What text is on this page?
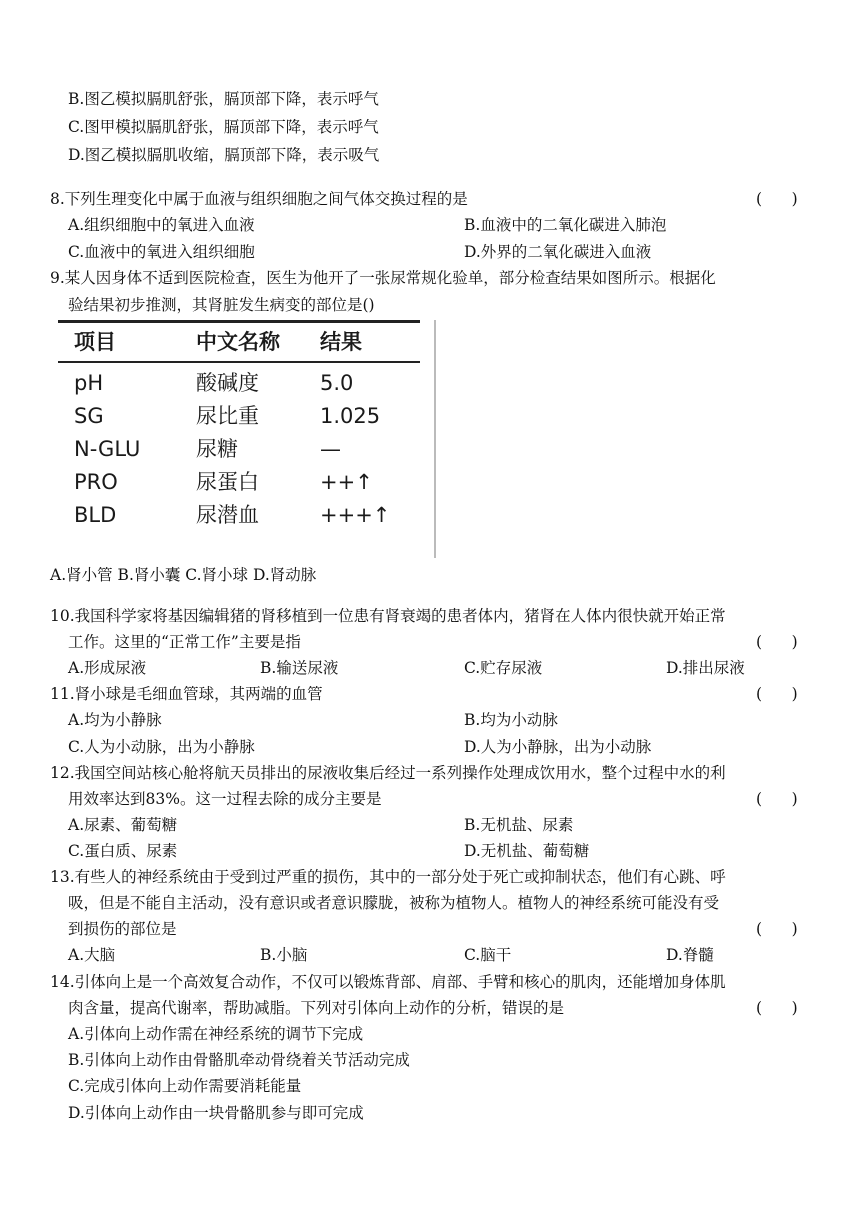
B.图乙模拟膈肌舒张，膈顶部下降，表示呼气
C.图甲模拟膈肌舒张，膈顶部下降，表示呼气
D.图乙模拟膈肌收缩，膈顶部下降，表示吸气
8.下列生理变化中属于血液与组织细胞之间气体交换过程的是	(      )
A.组织细胞中的氧进入血液	B.血液中的二氧化碳进入肺泡
C.血液中的氧进入组织细胞	D.外界的二氧化碳进入血液
9.某人因身体不适到医院检查，医生为他开了一张尿常规化验单，部分检查结果如图所示。根据化
验结果初步推测，其肾脏发生病变的部位是()
项目	中文名称 结果
pH	酸碱度	5.0
SG	尿比重	1.025
N-GLU	尿糖	—
PRO	尿蛋白	++↑
BLD	尿潜血	+++↑
A.肾小管 B.肾小囊 C.肾小球 D.肾动脉
10.我国科学家将基因编辑猪的肾移植到一位患有肾衰竭的患者体内，猪肾在人体内很快就开始正常
工作。这里的“正常工作”主要是指	(      )
A.形成尿液	B.输送尿液	C.贮存尿液	D.排出尿液
11.肾小球是毛细血管球，其两端的血管	(      )
A.均为小静脉	B.均为小动脉
C.人为小动脉，出为小静脉	D.人为小静脉，出为小动脉
12.我国空间站核心舱将航天员排出的尿液收集后经过一系列操作处理成饮用水，整个过程中水的利
用效率达到83%。这一过程去除的成分主要是	(      )
A.尿素、葡萄糖	B.无机盐、尿素
C.蛋白质、尿素	D.无机盐、葡萄糖
13.有些人的神经系统由于受到过严重的损伤，其中的一部分处于死亡或抑制状态，他们有心跳、呼
吸，但是不能自主活动，没有意识或者意识朦胧，被称为植物人。植物人的神经系统可能没有受
到损伤的部位是	(      )
A.大脑	B.小脑	C.脑干	D.脊髓
14.引体向上是一个高效复合动作，不仅可以锻炼背部、肩部、手臂和核心的肌肉，还能增加身体肌
肉含量，提高代谢率，帮助减脂。下列对引体向上动作的分析，错误的是	(      )
A.引体向上动作需在神经系统的调节下完成
B.引体向上动作由骨骼肌牵动骨绕着关节活动完成
C.完成引体向上动作需要消耗能量
D.引体向上动作由一块骨骼肌参与即可完成
